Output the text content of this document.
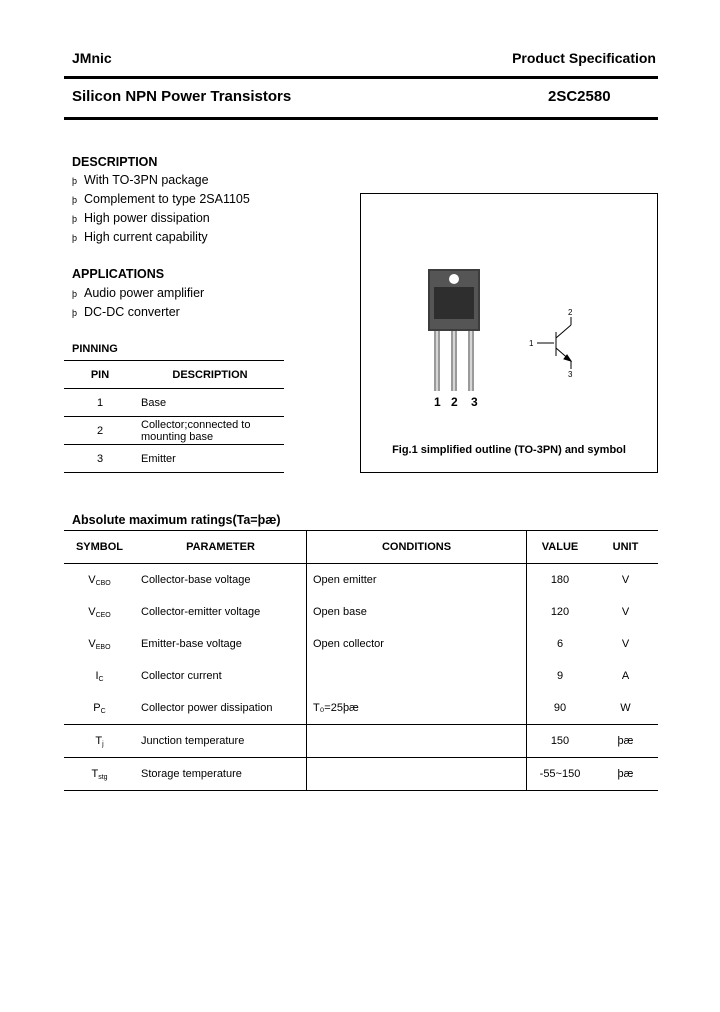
JMnic	Product Specification
Silicon NPN Power Transistors	2SC2580
DESCRIPTION
þ With TO-3PN package
þ Complement to type 2SA1105
þ High power dissipation
þ High current capability
APPLICATIONS
þ Audio power amplifier
þ DC-DC converter
PINNING
PIN	DESCRIPTION
1	Base
2	Collector;connected to
mounting base
3	Emitter
1 2 3
1
2
3
Fig.1 simplified outline (TO-3PN) and symbol
Absolute maximum ratings(Ta=þæ)
SYMBOL	PARAMETER	CONDITIONS	VALUE	UNIT
VCBO	Collector-base voltage	Open emitter	180	V
VCEO	Collector-emitter voltage	Open base	120	V
VEBO	Emitter-base voltage	Open collector	6	V
IC	Collector current		9	A
PC	Collector power dissipation	T₀=25þæ	90	W
Tj	Junction temperature		150	þæ
Tstg	Storage temperature		-55~150	þæ
